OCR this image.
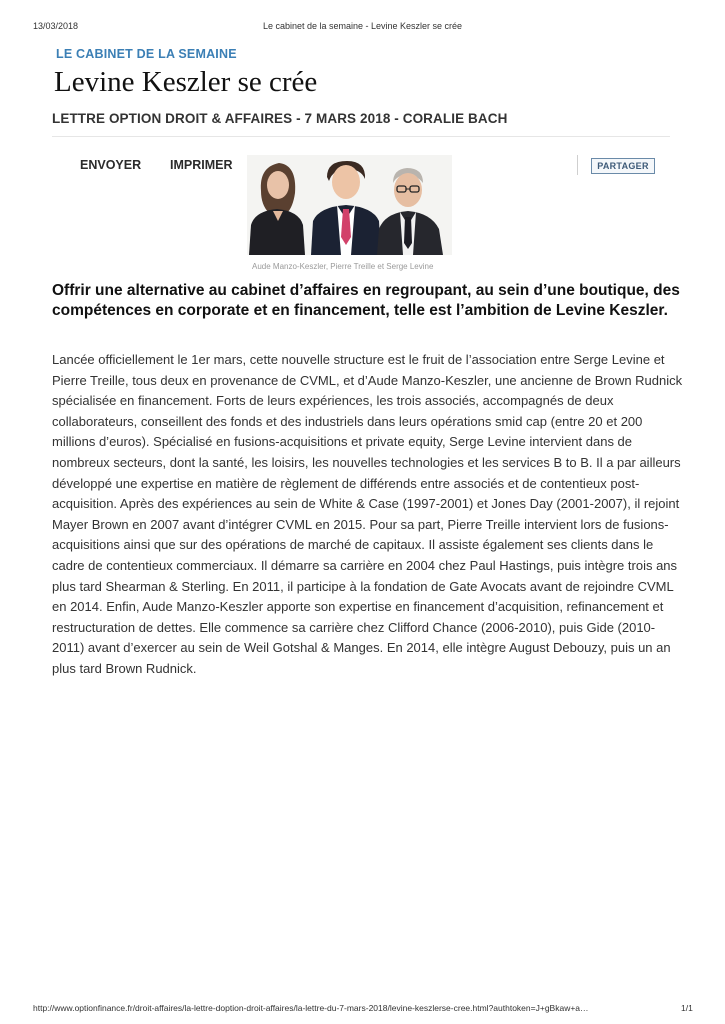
13/03/2018	Le cabinet de la semaine - Levine Keszler se crée
LE CABINET DE LA SEMAINE
Levine Keszler se crée
LETTRE OPTION DROIT & AFFAIRES - 7 MARS 2018 - CORALIE BACH
ENVOYER IMPRIMER	PARTAGER
Aude Manzo-Keszler, Pierre Treille et Serge Levine

Offrir une alternative au cabinet d’affaires en regroupant, au sein d’une boutique, des compétences en corporate et en financement, telle est l’ambition de Levine Keszler.

Lancée officiellement le 1er mars, cette nouvelle structure est le fruit de l’association entre Serge Levine et Pierre Treille, tous deux en provenance de CVML, et d’Aude Manzo-Keszler, une ancienne de Brown Rudnick spécialisée en financement. Forts de leurs expériences, les trois associés, accompagnés de deux collaborateurs, conseillent des fonds et des industriels dans leurs opérations smid cap (entre 20 et 200 millions d’euros). Spécialisé en fusions-acquisitions et private equity, Serge Levine intervient dans de nombreux secteurs, dont la santé, les loisirs, les nouvelles technologies et les services B to B. Il a par ailleurs développé une expertise en matière de règlement de différends entre associés et de contentieux post-acquisition. Après des expériences au sein de White & Case (1997-2001) et Jones Day (2001-2007), il rejoint Mayer Brown en 2007 avant d’intégrer CVML en 2015. Pour sa part, Pierre Treille intervient lors de fusions-acquisitions ainsi que sur des opérations de marché de capitaux. Il assiste également ses clients dans le cadre de contentieux commerciaux. Il démarre sa carrière en 2004 chez Paul Hastings, puis intègre trois ans plus tard Shearman & Sterling. En 2011, il participe à la fondation de Gate Avocats avant de rejoindre CVML en 2014. Enfin, Aude Manzo-Keszler apporte son expertise en financement d’acquisition, refinancement et restructuration de dettes. Elle commence sa carrière chez Clifford Chance (2006-2010), puis Gide (2010-2011) avant d’exercer au sein de Weil Gotshal & Manges. En 2014, elle intègre August Debouzy, puis un an plus tard Brown Rudnick.

http://www.optionfinance.fr/droit-affaires/la-lettre-doption-droit-affaires/la-lettre-du-7-mars-2018/levine-keszlerse-cree.html?authtoken=J+gBkaw+a…	1/1
